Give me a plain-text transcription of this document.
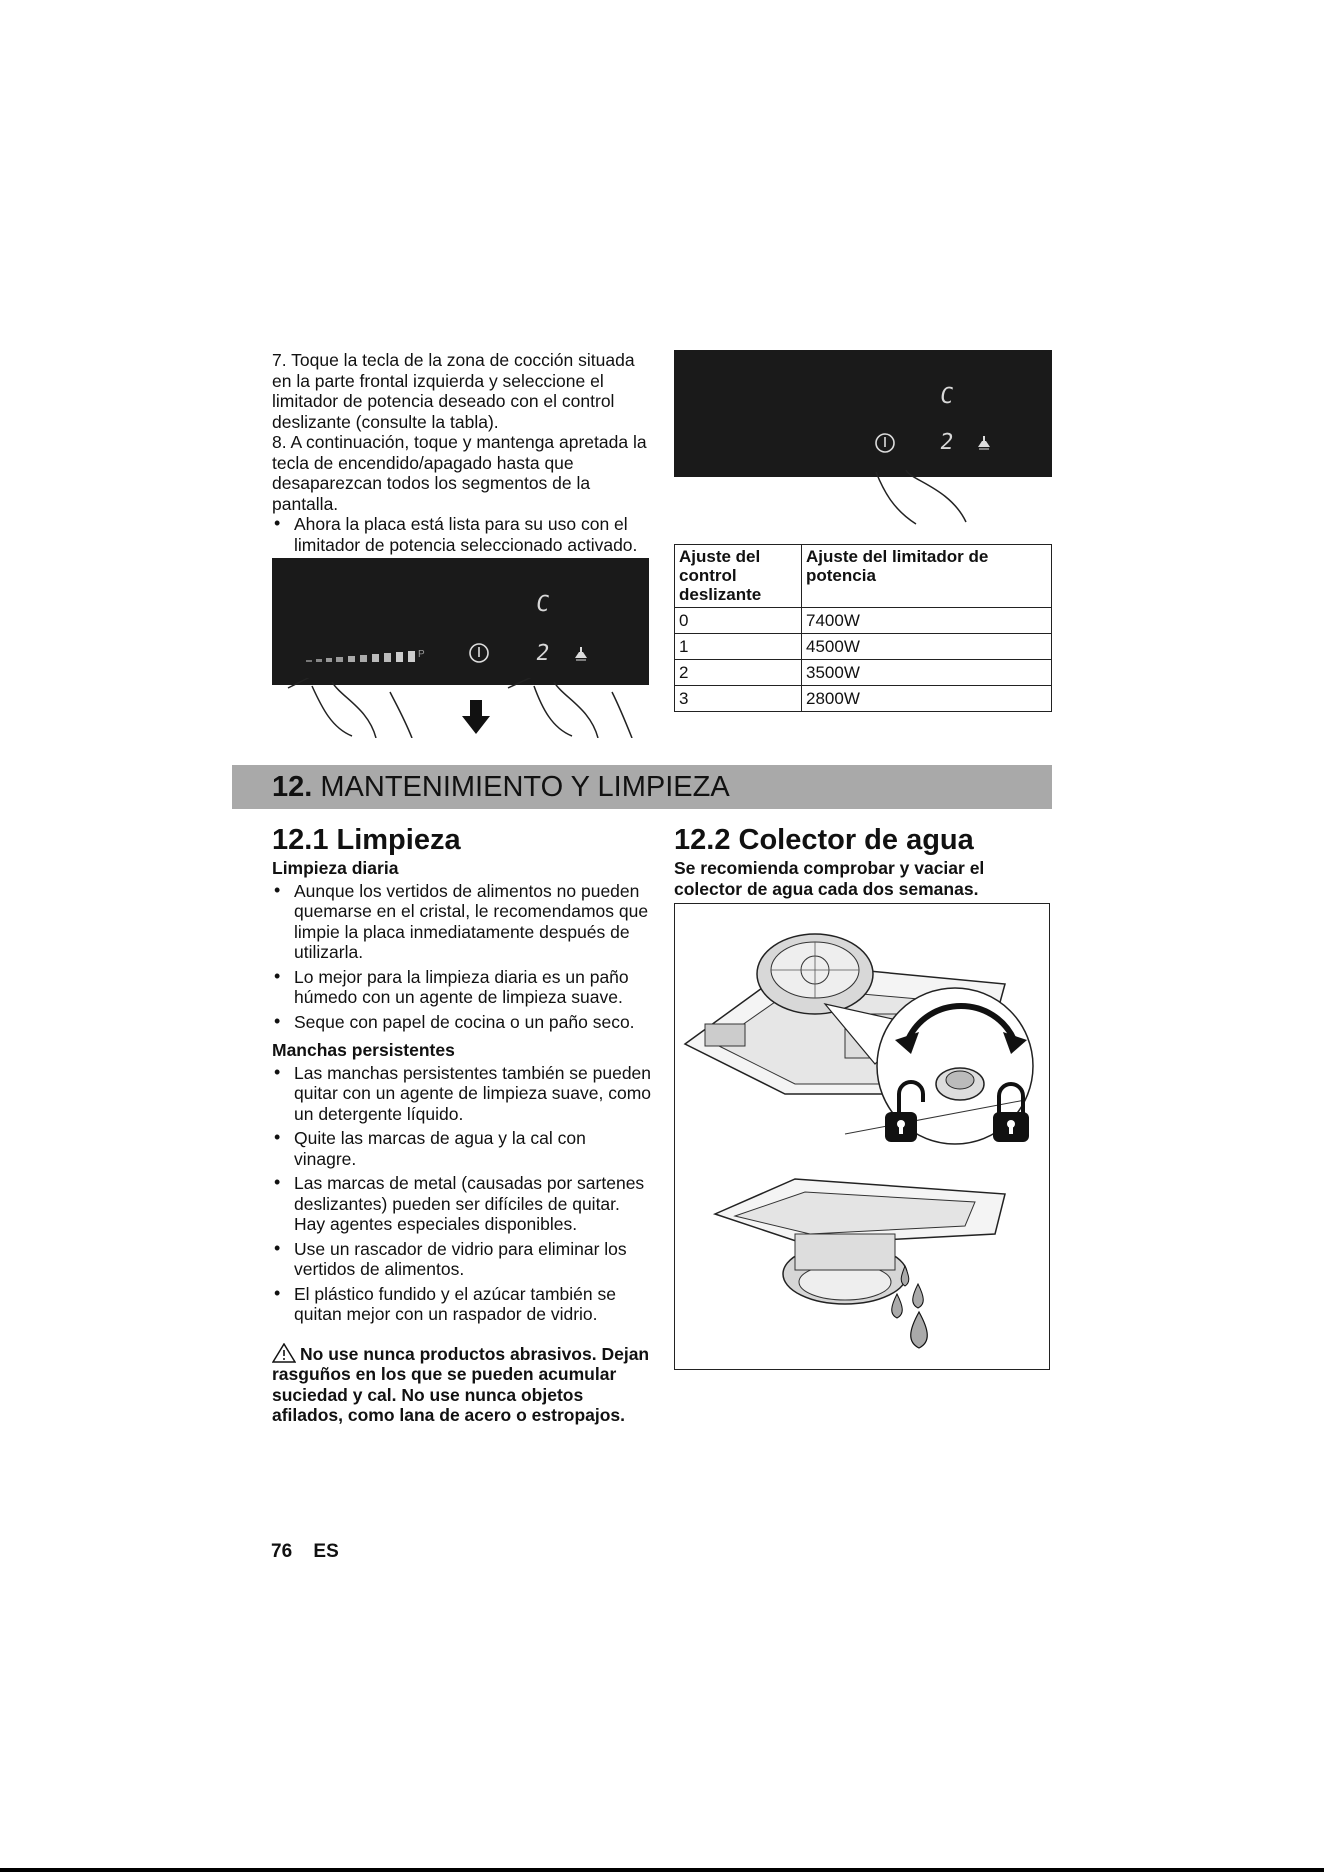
7. Toque la tecla de la zona de cocción situada en la parte frontal izquierda y seleccione el limitador de potencia deseado con el control deslizante (consulte la tabla).

8. A continuación, toque y mantenga apretada la tecla de encendido/apagado hasta que desaparezcan todos los segmentos de la pantalla.

• Ahora la placa está lista para su uso con el limitador de potencia seleccionado activado.
P
C
2
C
2
Ajuste del control deslizante	Ajuste del limitador de potencia
0	7400W
1	4500W
2	3500W
3	2800W
12. MANTENIMIENTO Y LIMPIEZA
12.1 Limpieza
Limpieza diaria
• Aunque los vertidos de alimentos no pueden quemarse en el cristal, le recomendamos que limpie la placa inmediatamente después de utilizarla.
• Lo mejor para la limpieza diaria es un paño húmedo con un agente de limpieza suave.
• Seque con papel de cocina o un paño seco.
Manchas persistentes
• Las manchas persistentes también se pueden quitar con un agente de limpieza suave, como un detergente líquido.
• Quite las marcas de agua y la cal con vinagre.
• Las marcas de metal (causadas por sartenes deslizantes) pueden ser difíciles de quitar. Hay agentes especiales disponibles.
• Use un rascador de vidrio para eliminar los vertidos de alimentos.
• El plástico fundido y el azúcar también se quitan mejor con un raspador de vidrio.
No use nunca productos abrasivos. Dejan rasguños en los que se pueden acumular suciedad y cal. No use nunca objetos afilados, como lana de acero o estropajos.
12.2 Colector de agua
Se recomienda comprobar y vaciar el colector de agua cada dos semanas.
76 ES
